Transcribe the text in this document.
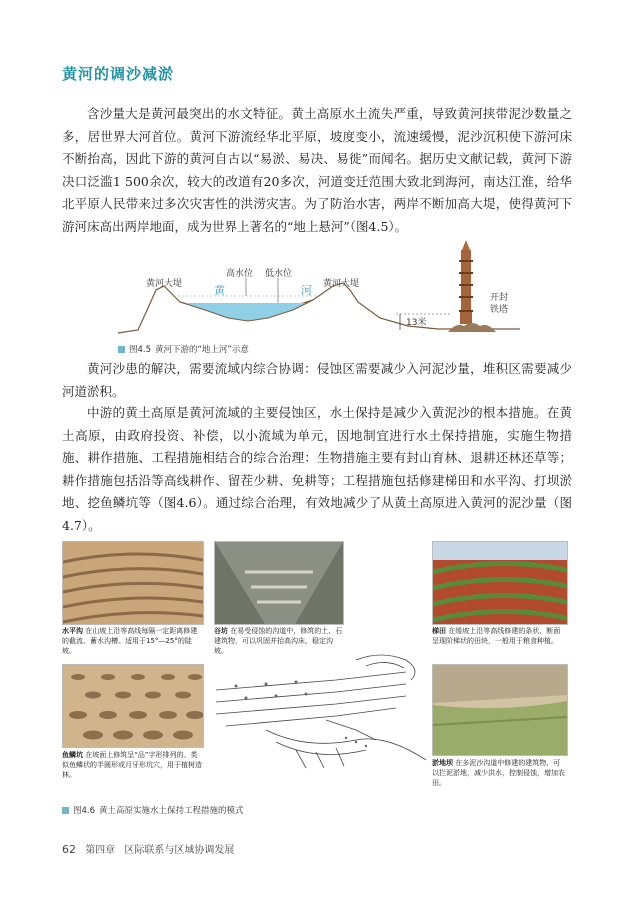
黄河的调沙减淤

含沙量大是黄河最突出的水文特征。黄土高原水土流失严重，导致黄河挟带泥沙数量之多，居世界大河首位。黄河下游流经华北平原，坡度变小，流速缓慢，泥沙沉积使下游河床不断抬高，因此下游的黄河自古以“易淤、易决、易徙”而闻名。据历史文献记载，黄河下游决口泛滥1 500余次，较大的改道有20多次，河道变迁范围大致北到海河，南达江淮，给华北平原人民带来过多次灾害性的洪涝灾害。为了防治水害，两岸不断加高大堤，使得黄河下游河床高出两岸地面，成为世界上著名的“地上悬河”（图4.5）。

黄河大堤	黄河大堤
高水位 低水位
黄	河
开封
铁塔
13米
图4.5 黄河下游的“地上河”示意

黄河沙患的解决，需要流域内综合协调：侵蚀区需要减少入河泥沙量，堆积区需要减少河道淤积。

中游的黄土高原是黄河流域的主要侵蚀区，水土保持是减少入黄泥沙的根本措施。在黄土高原，由政府投资、补偿，以小流域为单元，因地制宜进行水土保持措施，实施生物措施、耕作措施、工程措施相结合的综合治理：生物措施主要有封山育林、退耕还林还草等；耕作措施包括沿等高线耕作、留茬少耕、免耕等；工程措施包括修建梯田和水平沟、打坝淤地、挖鱼鳞坑等（图4.6）。通过综合治理，有效地减少了从黄土高原进入黄河的泥沙量（图4.7）。

水平沟 在山坡上沿等高线每隔一定距离修建的截流、蓄水沟槽。适用于15°—25°的陡坡。
谷坊 在易受侵蚀的沟道中，修筑的土、石建筑物，可以巩固并抬高沟床，稳定沟坡。
梯田 在缓坡上沿等高线修建的条状、断面呈现阶梯状的田块，一般用于粮食种植。
鱼鳞坑 在坡面上修筑呈“品”字形排列的、类似鱼鳞状的半圆形或月牙形坑穴，用于植树造林。
淤地坝 在多泥沙沟道中修建的建筑物，可以拦泥淤地，减少洪水，控制侵蚀，增加农田。
图4.6 黄土高原实施水土保持工程措施的模式
62 第四章 区际联系与区域协调发展
